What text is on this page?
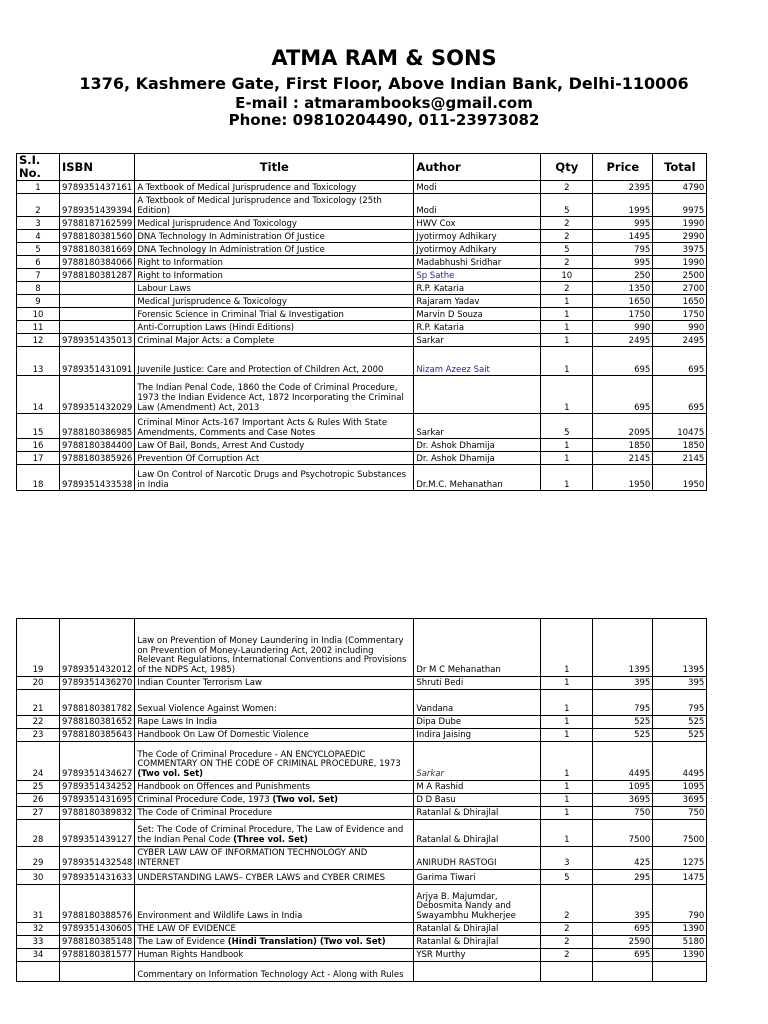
ATMA RAM & SONS
1376, Kashmere Gate, First Floor, Above Indian Bank, Delhi-110006
E-mail : atmarambooks@gmail.com
Phone: 09810204490, 011-23973082
S.I. No.	ISBN	Title	Author	Qty	Price	Total
1	9789351437161	A Textbook of Medical Jurisprudence and Toxicology	Modi	2	2395	4790
2	9789351439394	A Textbook of Medical Jurisprudence and Toxicology (25th Edition)	Modi	5	1995	9975
3	9788187162599	Medical Jurisprudence And Toxicology	HWV Cox	2	995	1990
4	9788180381560	DNA Technology In Administration Of Justice	Jyotirmoy Adhikary	2	1495	2990
5	9788180381669	DNA Technology In Administration Of Justice	Jyotirmoy Adhikary	5	795	3975
6	9788180384066	Right to Information	Madabhushi Sridhar	2	995	1990
7	9788180381287	Right to Information	Sp Sathe	10	250	2500
8		Labour Laws	R.P. Kataria	2	1350	2700
9		Medical Jurisprudence & Toxicology	Rajaram Yadav	1	1650	1650
10		Forensic Science in Criminal Trial & Investigation	Marvin D Souza	1	1750	1750
11		Anti-Corruption Laws (Hindi Editions)	R.P. Kataria	1	990	990
12	9789351435013	Criminal Major Acts: a Complete	Sarkar	1	2495	2495
13	9789351431091	Juvenile Justice: Care and Protection of Children Act, 2000	Nizam Azeez Sait	1	695	695
14	9789351432029	The Indian Penal Code, 1860 the Code of Criminal Procedure, 1973 the Indian Evidence Act, 1872 Incorporating the Criminal Law (Amendment) Act, 2013		1	695	695
15	9788180386985	Criminal Minor Acts-167 Important Acts & Rules With State Amendments, Comments and Case Notes	Sarkar	5	2095	10475
16	9788180384400	Law Of Bail, Bonds, Arrest And Custody	Dr. Ashok Dhamija	1	1850	1850
17	9788180385926	Prevention Of Corruption Act	Dr. Ashok Dhamija	1	2145	2145
18	9789351433538	Law On Control of Narcotic Drugs and Psychotropic Substances in India	Dr.M.C. Mehanathan	1	1950	1950
19	9789351432012	Law on Prevention of Money Laundering in India (Commentary on Prevention of Money-Laundering Act, 2002 including Relevant Regulations, International Conventions and Provisions of the NDPS Act, 1985)	Dr M C Mehanathan	1	1395	1395
20	9789351436270	Indian Counter Terrorism Law	Shruti Bedi	1	395	395
21	9788180381782	Sexual Violence Against Women:	Vandana	1	795	795
22	9788180381652	Rape Laws In India	Dipa Dube	1	525	525
23	9788180385643	Handbook On Law Of Domestic Violence	Indira Jaising	1	525	525
24	9789351434627	The Code of Criminal Procedure - AN ENCYCLOPAEDIC COMMENTARY ON THE CODE OF CRIMINAL PROCEDURE, 1973 (Two vol. Set)	Sarkar	1	4495	4495
25	9789351434252	Handbook on Offences and Punishments	M A Rashid	1	1095	1095
26	9789351431695	Criminal Procedure Code, 1973 (Two vol. Set)	D D Basu	1	3695	3695
27	9788180389832	The Code of Criminal Procedure	Ratanlal & Dhirajlal	1	750	750
28	9789351439127	Set: The Code of Criminal Procedure, The Law of Evidence and the Indian Penal Code (Three vol. Set)	Ratanlal & Dhirajlal	1	7500	7500
29	9789351432548	CYBER LAW LAW OF INFORMATION TECHNOLOGY AND INTERNET	ANIRUDH RASTOGI	3	425	1275
30	9789351431633	UNDERSTANDING LAWS– CYBER LAWS and CYBER CRIMES	Garima Tiwari	5	295	1475
31	9788180388576	Environment and Wildlife Laws in India	Arjya B. Majumdar, Debosmita Nandy and Swayambhu Mukherjee	2	395	790
32	9789351430605	THE LAW OF EVIDENCE	Ratanlal & Dhirajlal	2	695	1390
33	9788180385148	The Law of Evidence (Hindi Translation) (Two vol. Set)	Ratanlal & Dhirajlal	2	2590	5180
34	9788180381577	Human Rights Handbook	YSR Murthy	2	695	1390
		Commentary on Information Technology Act - Along with Rules				
